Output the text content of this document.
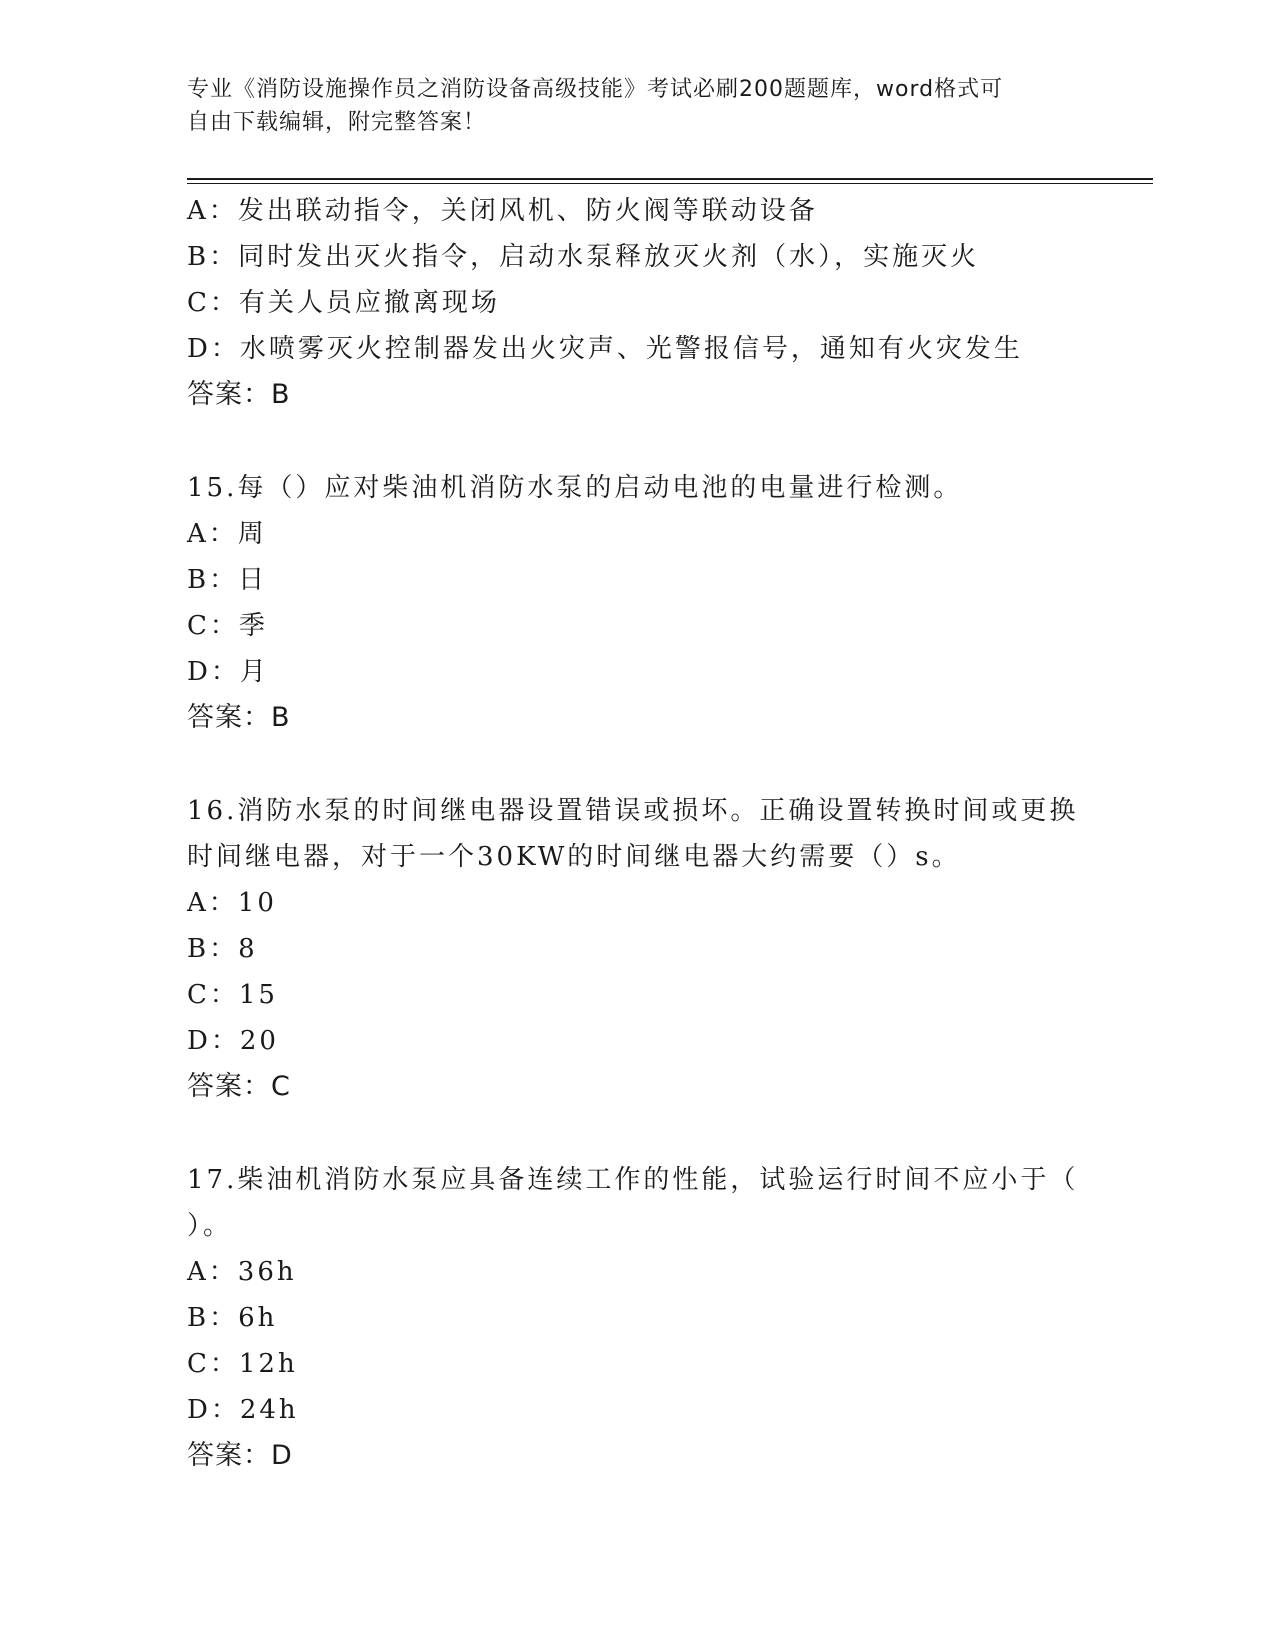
专业《消防设施操作员之消防设备高级技能》考试必刷200题题库，word格式可
自由下载编辑，附完整答案！
A：发出联动指令，关闭风机、防火阀等联动设备
B：同时发出灭火指令，启动水泵释放灭火剂（水），实施灭火
C：有关人员应撤离现场
D：水喷雾灭火控制器发出火灾声、光警报信号，通知有火灾发生
答案：B
15.每（）应对柴油机消防水泵的启动电池的电量进行检测。
A：周
B：日
C：季
D：月
答案：B
16.消防水泵的时间继电器设置错误或损坏。正确设置转换时间或更换
时间继电器，对于一个30KW的时间继电器大约需要（）s。
A：10
B：8
C：15
D：20
答案：C
17.柴油机消防水泵应具备连续工作的性能，试验运行时间不应小于（
）。
A：36h
B：6h
C：12h
D：24h
答案：D
